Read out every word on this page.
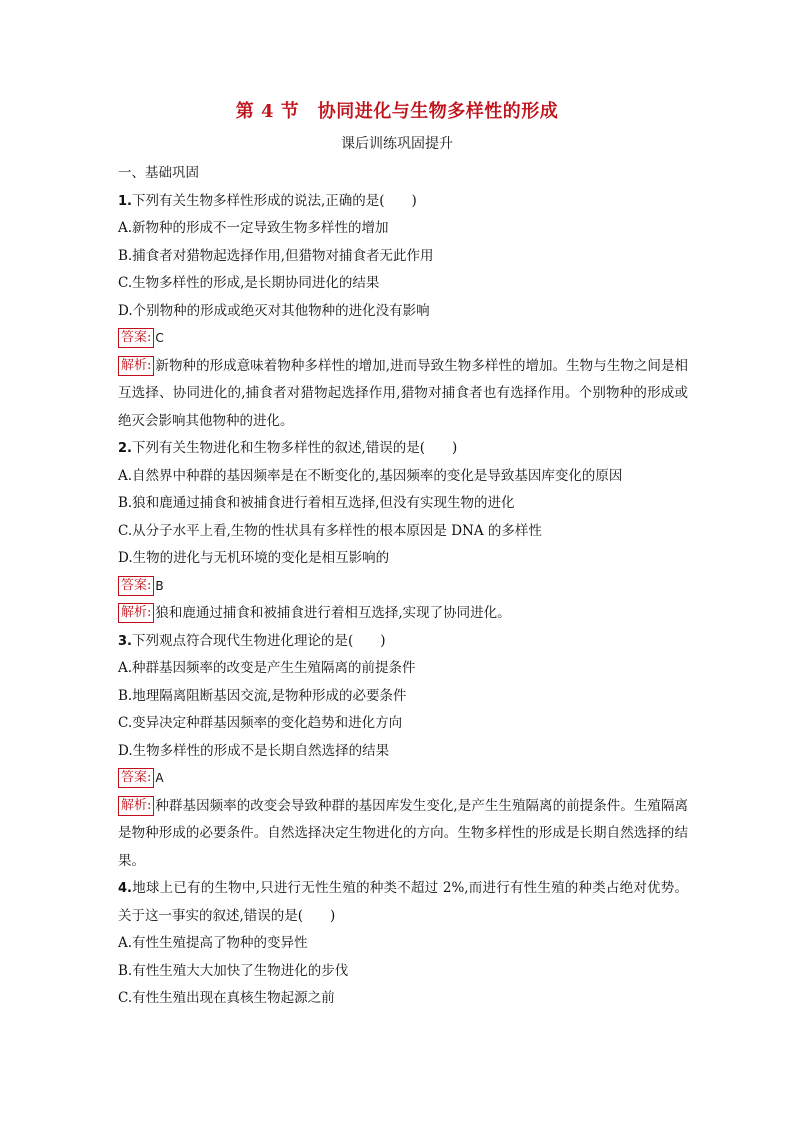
第 4 节　协同进化与生物多样性的形成
课后训练巩固提升
一、基础巩固
1.下列有关生物多样性形成的说法,正确的是(　　)
A.新物种的形成不一定导致生物多样性的增加
B.捕食者对猎物起选择作用,但猎物对捕食者无此作用
C.生物多样性的形成,是长期协同进化的结果
D.个别物种的形成或绝灭对其他物种的进化没有影响
答案: C
解析: 新物种的形成意味着物种多样性的增加,进而导致生物多样性的增加。生物与生物之间是相互选择、协同进化的,捕食者对猎物起选择作用,猎物对捕食者也有选择作用。个别物种的形成或绝灭会影响其他物种的进化。
2.下列有关生物进化和生物多样性的叙述,错误的是(　　)
A.自然界中种群的基因频率是在不断变化的,基因频率的变化是导致基因库变化的原因
B.狼和鹿通过捕食和被捕食进行着相互选择,但没有实现生物的进化
C.从分子水平上看,生物的性状具有多样性的根本原因是 DNA 的多样性
D.生物的进化与无机环境的变化是相互影响的
答案: B
解析: 狼和鹿通过捕食和被捕食进行着相互选择,实现了协同进化。
3.下列观点符合现代生物进化理论的是(　　)
A.种群基因频率的改变是产生生殖隔离的前提条件
B.地理隔离阻断基因交流,是物种形成的必要条件
C.变异决定种群基因频率的变化趋势和进化方向
D.生物多样性的形成不是长期自然选择的结果
答案: A
解析: 种群基因频率的改变会导致种群的基因库发生变化,是产生生殖隔离的前提条件。生殖隔离是物种形成的必要条件。自然选择决定生物进化的方向。生物多样性的形成是长期自然选择的结果。
4.地球上已有的生物中,只进行无性生殖的种类不超过 2%,而进行有性生殖的种类占绝对优势。关于这一事实的叙述,错误的是(　　)
A.有性生殖提高了物种的变异性
B.有性生殖大大加快了生物进化的步伐
C.有性生殖出现在真核生物起源之前
